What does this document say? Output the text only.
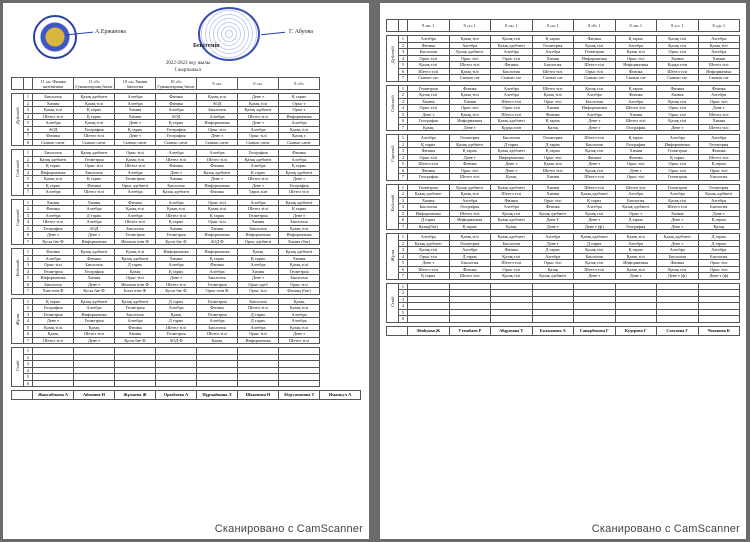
А.Ержанова
Бекітемін
Г. Абуова
2022-2023 оқу жылы
I жартыжыл
		11 «а» Физика математика	11 «б» Гуманитарлық бағыт	10 «а» Химия биология	10 «б» Гуманитарлық бағыт	9 «а»	9 «ә»	9 «б»	

Дүйсенбі	1	Биология	Қазақ әдебиеті	Алгебра	Физика	Қазақ тілі	Дене т	Қ тарих	
	2	Химия	Қазақ тілі	Алгебра	Физика	АОД	Қазақ тілі	Орыс т	
	3	Қазақ тілі	Қ тарих	Химия	Алгебра	Биология	Қазақ әдебиеті	Орыс т	
	4	Шетел тілі	Қ тарих	Химия	АОД	Алгебра	Шетел тілі	Информатика	
	5	Алгебра	Қазақ тілі	Дене т	Қ тарих	Информатика	Дене т	Алгебра	
	6	АОД	География	Қ тарих	География	Орыс тілі	Алгебра	Қазақ тілі	
	7	Физика	Шетел тілі	Дене т	География	Дене т	Орыс тілі	Қазақ т	
	8	Сынып сағат	Сынып сағат	Сынып сағат	Сынып сағат	Сынып сағат	Сынып сағат	Сынып сағат	

Сейсенбі	1	Биология	Қазақ әдебиеті	Орыс тілі	Алгебра	Алгебра	География	Физика	
	2	Қазақ әдебиеті	Геометрия	Қазақ тілі	Шетел тілі	Шетел тілі	Қазақ әдебиеті	Алгебра	
	3	Қ тарих	Орыс тілі	Шетел тілі	Физика	Физика	Алгебра	Қ тарих	
	4	Информатика	Биология	Алгебра	Дене т	Қазақ әдебиеті	Қ тарих	Қазақ әдебиеті	
	5	Қазақ тілі	Қ тарих	Геометрия	Химия	Дене т	Шетел тілі	Дене т	
	6	Қ тарих	Физика	Орыс әдебиеті	Биология	Информатика	Дене т	География	
	7	Алгебра	Шетел тілі	Алгебра	Қазақ әдебиеті	Физика	Тарих пән	Шетел тілі	

Сәрсенбі	1	Химия	Химия	Физика	Алгебра	Орыс тілі	Алгебра	Қазақ әдебиеті	
	2	Физика	Алгебра	Қазақ тілі	Қазақ тілі	Қазақ тілі	Шетел тілі	Қ тарих	
	3	Алгебра	Д тарих	Алгебра	Шетел тілі	Қ тарих	Геометрия	Дене т	
	4	Шетел тілі	Алгебра	Шетел тілі	Қ тарих	Орыс тілі	Химия	Биология	
	5	География	АОД	Биология	Химия	Химия	Биология	Қазақ тілі	
	6	Дене т	Дене т	Геометрия	Геометрия	Информатика	Информатика	Информатика	
	7	Қосы бағ Ф	Информатика	Инглиш өзін Ф	Қосы бағ Ф	АОД Ф	Орыс әдебиеті	Химия (бағ)	

Бейсенбі	1	Физика	Қазақ әдебиеті	Қазақ тілі	Информатика	Информатика	Қазақ	Қазақ әдебиеті	
	2	Алгебра	Физика	Қазақ әдебиеті	Химия	Қ тарих	Қ тарих	Химия	
	3	Орыс тілі	Биология	Д тарих	Алгебра	Физика	Алгебра	Қазақ тілі	
	4	Геометрия	География	Қазақ	Қ тарих	Алгебра	Химия	Геометрия	
	5	Информатика	Химия	Орыс тілі	Дене т	Биология	Дене т	Биология	
	6	Биология	Дене т	Инглиш өзін Ф	Шетел тілі	Геометрия	Орыс әдеб	Орыс тілі	
	7	Хим өзін Ф	Қосы бағ Ф	Биол өзін Ф	Қосы бағ Ф	Орыс өзін Ф	Орыс тілі	Физика (бағ)	

Жұма	1	Қ тарих	Қазақ әдебиеті	Қазақ әдебиеті	Д тарих	Геометрия	Биология	Қазақ	
	2	География	Алгебра	Геометрия	Алгебра	Физика	Шетел тілі	Қазақ тілі	
	3	Геометрия	Информатика	Биология	Қазақ	Геометрия	Д тарих	Алгебра	
	4	Дене т	Геометрия	Алгебра	Д тарих	Алгебра	Д тарих	Алгебра	
	5	Қазақ тілі	Қазақ	Физика	Шетел тілі	Биология	Алгебра	Қазақ тілі	
	6	Қазақ	Шетел тілі	Химия	Геометрия	Шетел тілі	Орыс тілі	Дене т	
	7	Шетел тілі	Дене т	Қосы бағ Ф	АОД Ф	Қазақ	Информатика	Шетел тілі	

Сенбі	1								
	2								
	3								
	4								
	5								
	6								

		Жансабекова А	Айманов Н	Жұмаева Ж	Оразбаева А	Нұрмайкина Л	Шакенова Н	Абдусаматова Т	Имамкул А
Сканировано с CamScanner
		9 «в» 1	9 «г» 1	8 «а» 1	8 «ә» 1	8 «б» 1	8 «в» 1	8 «г» 1	8 «д» 1

Дүйсенбі	1	Алгебра	Қазақ тілі	Қазақ тілі	Қ тарих	Физика	Қ тарих	Қазақ тілі	Алгебра
	2	Физика	Алгебра	Қазақ әдебиеті	Геометрия	Қазақ тілі	Алгебра	Қазақ тілі	Қазақ тілі
	3	Биология	Қазақ әдебиеті	Алгебра	Алгебра	Геометрия	Қазақ тілі	Орыс тілі	Алгебра
	4	Орыс тілі	Орыс тілі	Орыс тілі	Химия	Информатика	Орыс тілі	Химия	Химия
	5	Қазақ тілі	Шетел тілі	Физика	Биология	Шетел тілі	Информатика	Қорқа өзін	Шетел тілі
	6	Шетел тілі	Қазақ тілі	Биология	Шетел тілі	Орыс тілі	Физика	Шетел тілі	Информатика
	7	Сынып сағ	Сынып сағ	Сынып сағ	Сынып сағ	Сынып сағ	Сынып сағ	Сынып сағ	Сынып сағ

Сейсенбі	1	Геометрия	Физика	Алгебра	Шетел тілі	Қазақ тілі	Қ тарих	Физика	Физика
	2	Қазақ тілі	Қазақ тілі	Алгебра	Қазақ тілі	Алгебра	Физика	Химия	Алгебра
	3	Химия	Химия	Шетел тілі	Орыс тілі	Биология	Алгебра	Қазақ тілі	Орыс тілі
	4	Орыс тілі	Орыс тілі	Орыс тілі	Химия	Информатика	Шетел тілі	Орыс тілі	Дене т
	5	Дене т	Қазақ тілі	Шетел тілі	Физика	Алгебра	Химия	Орыс тілі	Шетел тілі
	6	География	Информатика	Қазақ әдебиеті	Қ тарих	Дене т	Шетел тілі	Қазақ тілі	Химия
	7	Қазақ	Дене т	Қорқа өзін	Қазақ	Дене т	География	Дене т	Шетел тілі

Сәрсенбі	1	Алгебра	Геометрия	Биология	Геометрия	Шетел тілі	Қ тарих	Алгебра	Алгебра
	2	Қ тарих	Қазақ әдебиеті	Д тарих	Д тарих	Биология	География	Информатика	Геометрия
	3	Физика	Қ тарих	Қазақ әдебиеті	Қ тарих	Қазақ тілі	Химия	Геометрия	Физика
	4	Орыс тілі	Дене т	Информатика	Орыс тілі	Физика	Физика	Қ тарих	Шетел тілі
	5	Шетел тілі	Физика	Дене т	Қазақ тілі	Дене т	Орыс тілі	Орыс тілі	Қ тарих
	6	Физика	Орыс тілі	Дене т	Шетел тілі	Қазақ тілі	Дене т	Орыс тілі	Орыс тілі
	7	География	Шетел тілі	Қазақ	Химия	Шетел тілі	Орыс тілі	Геометрия	Биология

Бейсенбі	1	Геометрия	Қазақ әдебиеті	Қазақ әдебиеті	Химия	Шетел тілі	Шетел тілі	Геометрия	Геометрия
	2	Қазақ әдебиеті	Қазақ тілі	Шетел тілі	Химия	Қазақ әдебиеті	Алгебра	Алгебра	Қазақ әдебиеті
	3	Химия	Алгебра	Физика	Орыс тілі	Қ тарих	Биология	Қазақ тілі	Алгебра
	4	Биология	География	Алгебра	Физика	Алгебра	Қазақ әдебиеті	Шетел тілі	Биология
	5	Информатика	Шетел тілі	Қазақ тілі	Қазақ әдебиеті	Қазақ тілі	Орыс т	Химия	Дене т
	6	Д тарих	Информатика	Қазақ әдебиеті	Дене Т	Дене т	Д тарих	Дене т	Қ тарих
	7	Қазақ(бағ)	Қ тарих	Қазақ	Дене т	Дене т (ф)	География	Дене т	Қазақ

Жұма	1	Алгебра	Қазақ тілі	Қазақ әдебиеті	Алгебра	Қазақ әдебиеті	Қазақ тілі	Қазақ әдебиеті	Д тарих
	2	Қазақ әдебиеті	Геометрия	Биология	Дене т	Д тарих	Алгебра	Дене т	Д тарих
	3	Қазақ тілі	Алгебра	Физика	Д тарих	Қазақ тілі	Қ тарих	Алгебра	Алгебра
	4	Орыс тілі	Д тарих	Қазақ тілі	Алгебра	Биология	Қазақ тілі	Биология	Биология
	5	Дене т	Биология	Шетел тілі	Орыс тілі	Қазақ тілі	Информатика	Физика	Орыс тілі
	6	Шетел тілі	Физика	Орыс тілі	Қазақ	Шетел тілі	Қазақ тілі	Қазақ тілі	Орыс тілі
	7	Қ тарих	Шетел тілі	Қазақ тілі	Қазақ әдебиеті	Дене т	Дене т	Дене т (ф)	Дене т (ф)

Сенбі	1								
	2								
	3								
	4								
	5								
	6								

		Абиһуова Ж	Утешбаев Р	Абдрахова Т	Балжанова А	Сапарбекова Г	Кудерова Г	Сахтаева Г	Чекенова К
Сканировано с CamScanner
